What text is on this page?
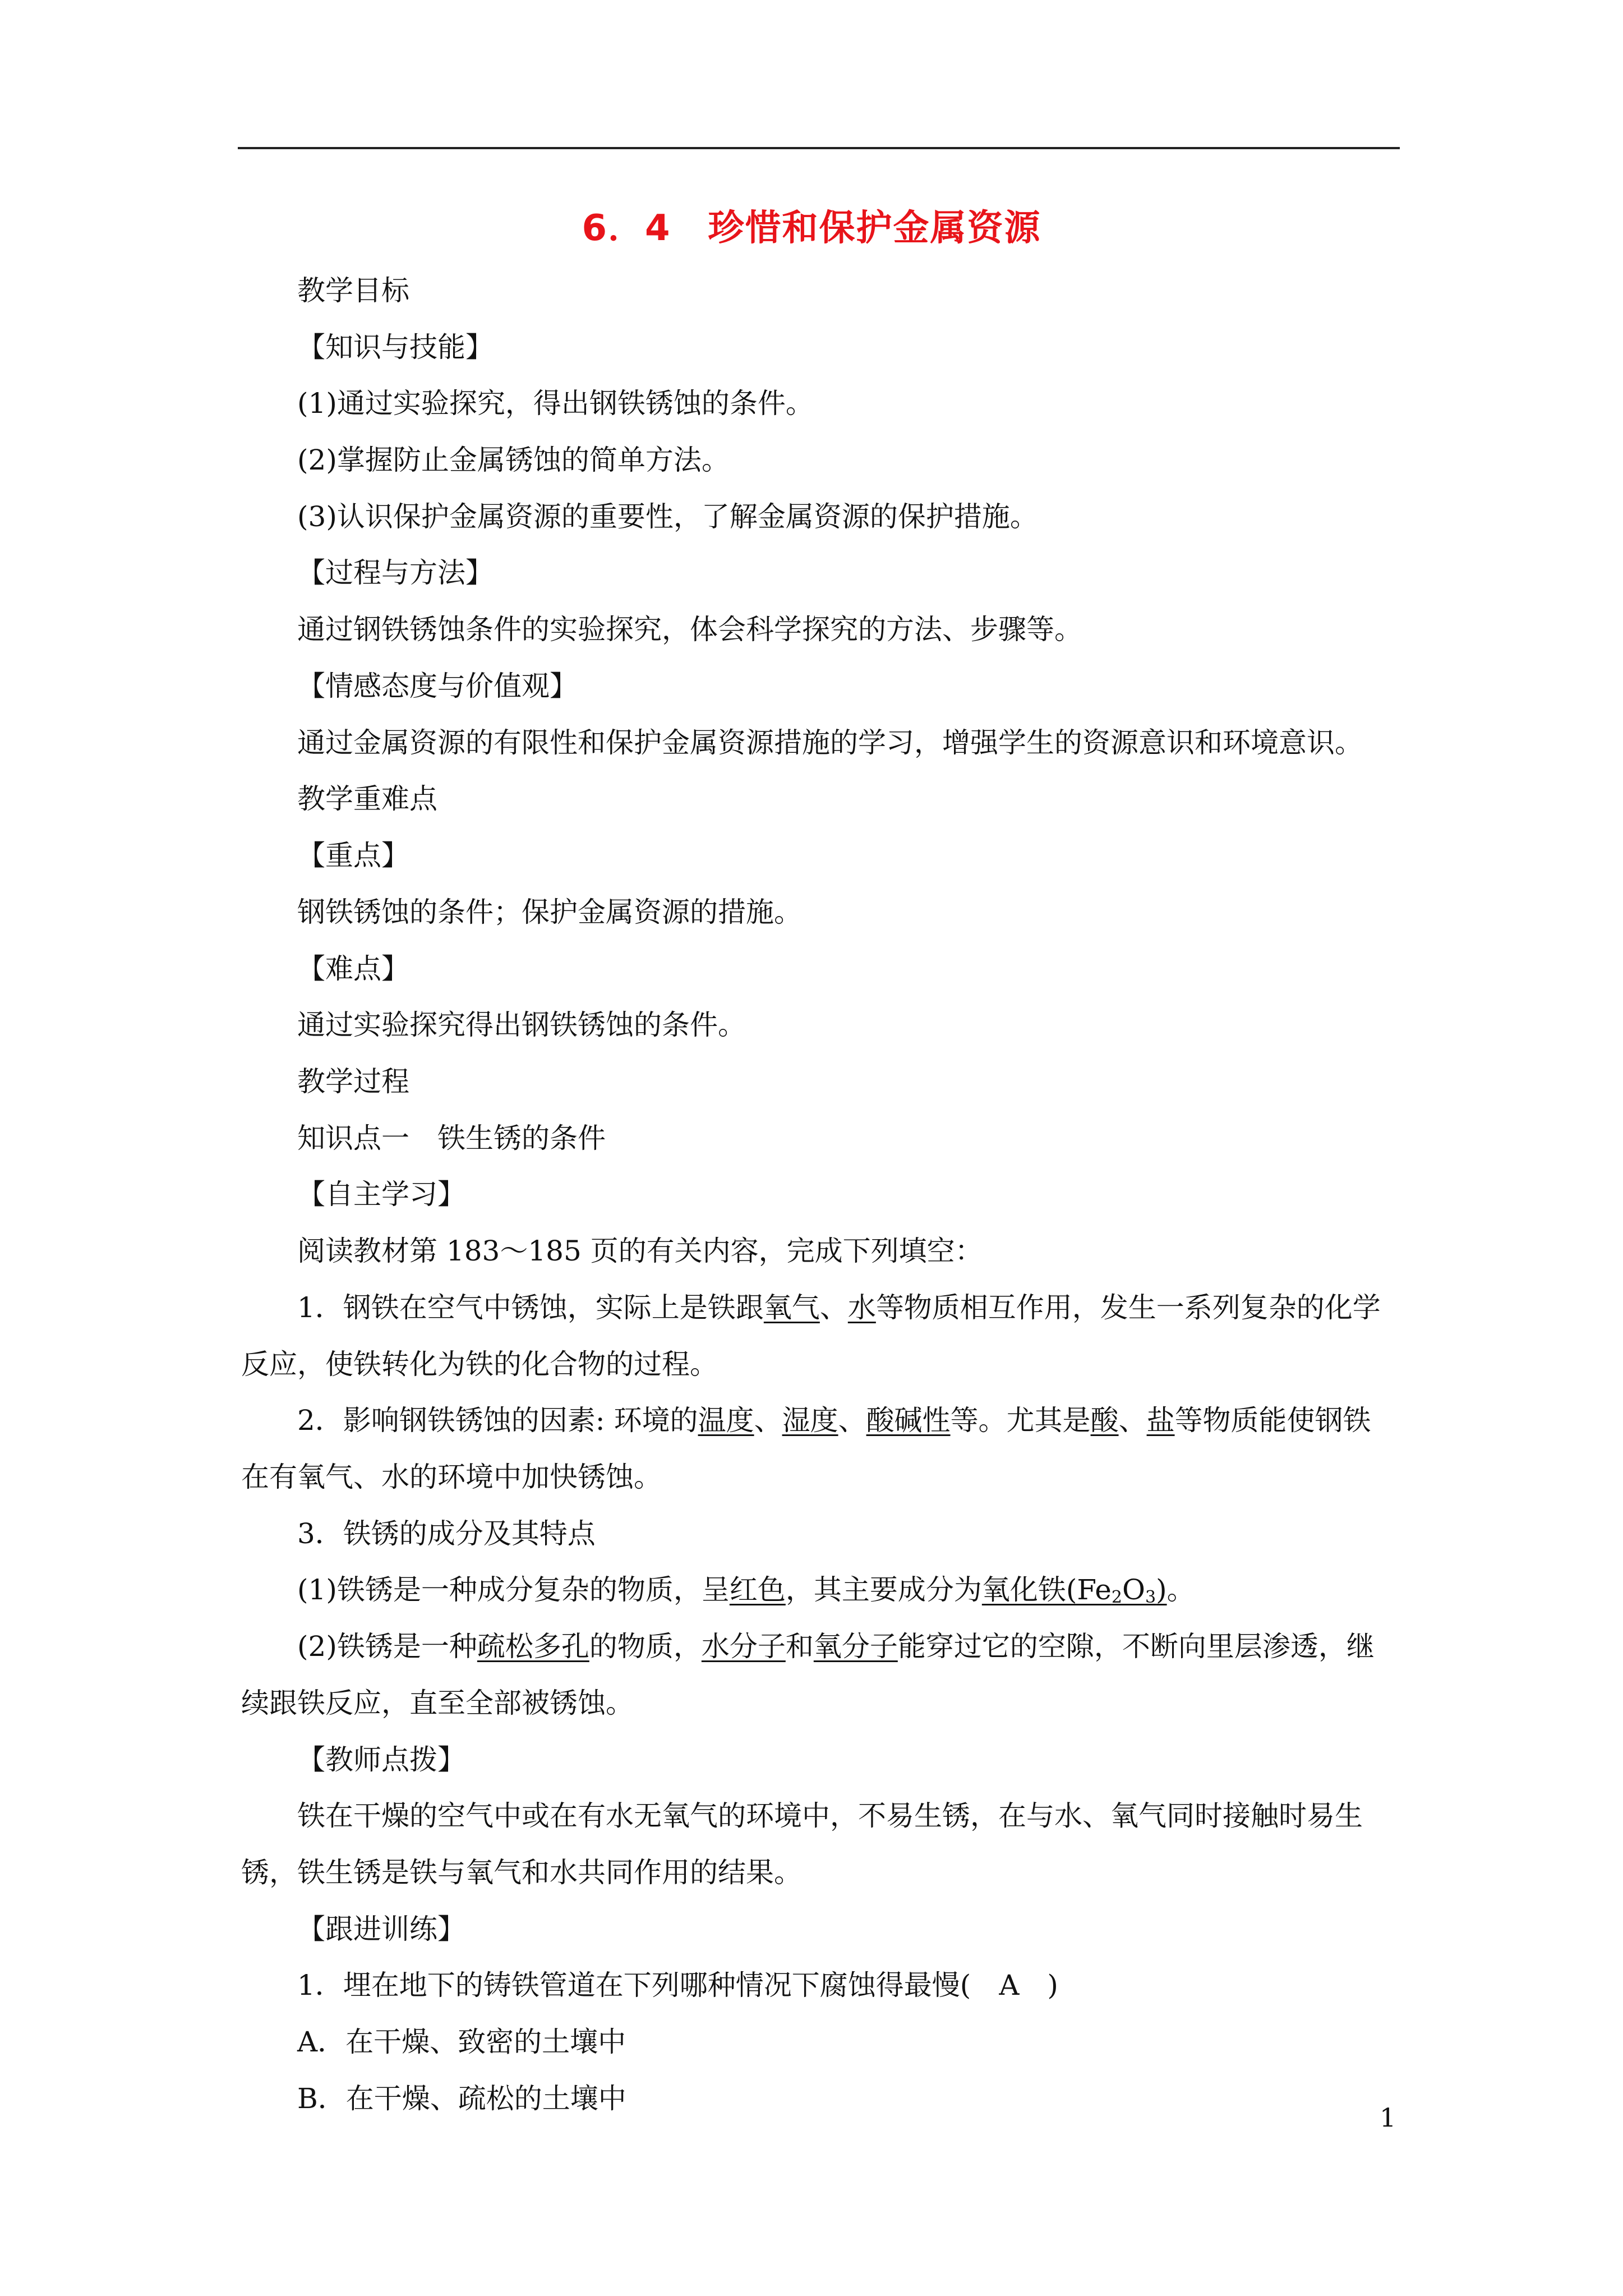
6．4　珍惜和保护金属资源
教学目标
【知识与技能】
(1)通过实验探究，得出钢铁锈蚀的条件。
(2)掌握防止金属锈蚀的简单方法。
(3)认识保护金属资源的重要性，了解金属资源的保护措施。
【过程与方法】
通过钢铁锈蚀条件的实验探究，体会科学探究的方法、步骤等。
【情感态度与价值观】
通过金属资源的有限性和保护金属资源措施的学习，增强学生的资源意识和环境意识。
教学重难点
【重点】
钢铁锈蚀的条件；保护金属资源的措施。
【难点】
通过实验探究得出钢铁锈蚀的条件。
教学过程
知识点一　铁生锈的条件
【自主学习】
阅读教材第 183～185 页的有关内容，完成下列填空：
1．钢铁在空气中锈蚀，实际上是铁跟氧气、水等物质相互作用，发生一系列复杂的化学
反应，使铁转化为铁的化合物的过程。
2．影响钢铁锈蚀的因素: 环境的温度、湿度、酸碱性等。尤其是酸、盐等物质能使钢铁
在有氧气、水的环境中加快锈蚀。
3．铁锈的成分及其特点
(1)铁锈是一种成分复杂的物质，呈红色，其主要成分为氧化铁$(Fe_2O_3)$。
(2)铁锈是一种疏松多孔的物质，水分子和氧分子能穿过它的空隙，不断向里层渗透，继
续跟铁反应，直至全部被锈蚀。
【教师点拨】
铁在干燥的空气中或在有水无氧气的环境中，不易生锈，在与水、氧气同时接触时易生
锈，铁生锈是铁与氧气和水共同作用的结果。
【跟进训练】
1．埋在地下的铸铁管道在下列哪种情况下腐蚀得最慢(　A　)
A．在干燥、致密的土壤中
B．在干燥、疏松的土壤中
1
